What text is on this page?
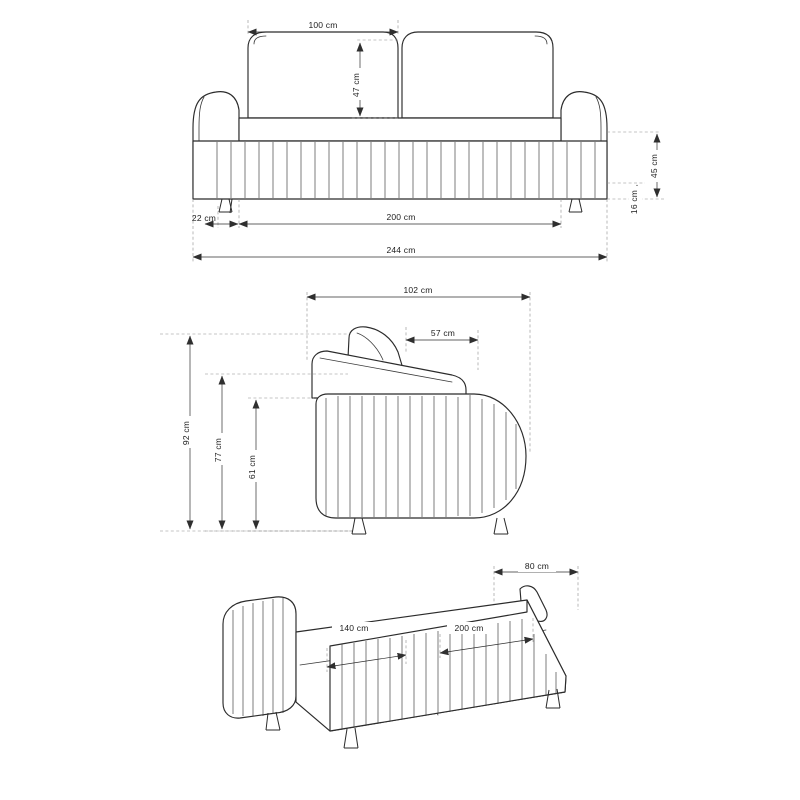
100 cm
47 cm
45 cm
16 cm
22 cm	200 cm
244 cm
102 cm
57 cm
92 cm
77 cm
61 cm
80 cm
140 cm	200 cm
